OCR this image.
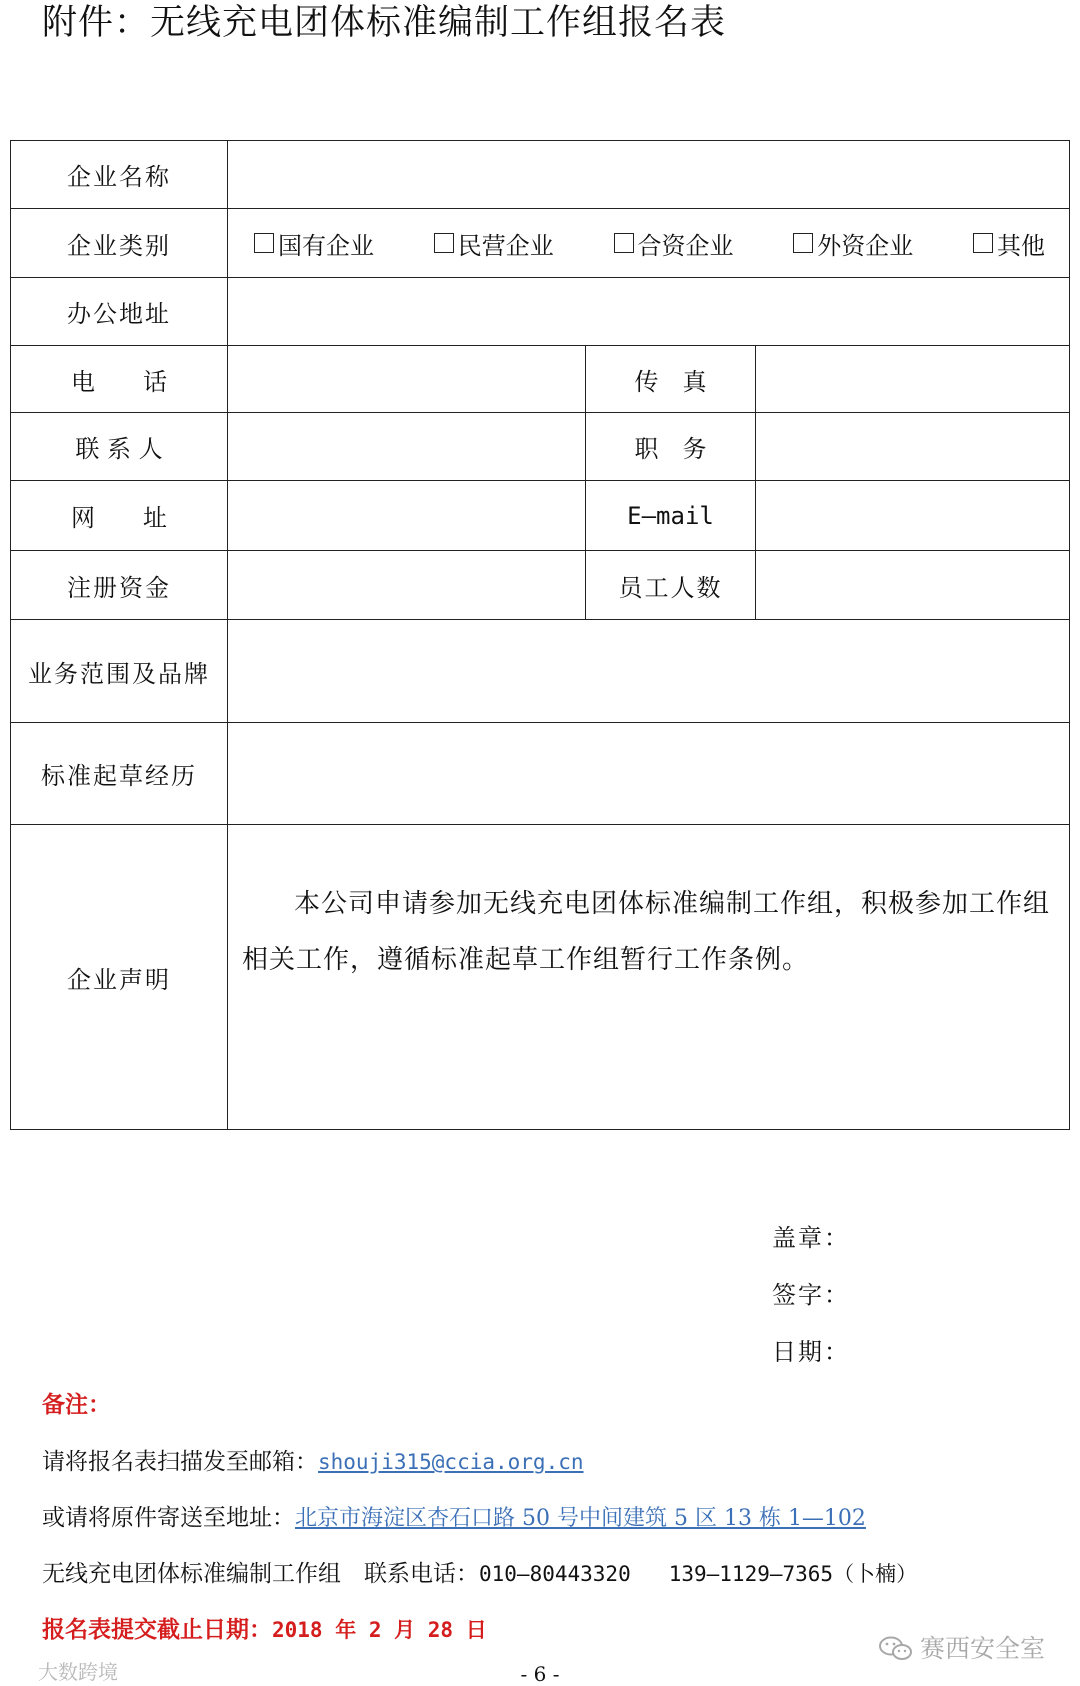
附件：无线充电团体标准编制工作组报名表
企业名称			
企业类别	国有企业 民营企业 合资企业 外资企业 其他		

办公地址			
电　　话		传　真	
联 系 人		职　务	
网　　址		E—mail	
注册资金		员工人数	
业务范围及品牌			
标准起草经历			
企业声明	本公司申请参加无线充电团体标准编制工作组，积极参加工作组相关工作，遵循标准起草工作组暂行工作条例。		
盖章：
签字：
日期：
备注：
请将报名表扫描发至邮箱：shouji315@ccia.org.cn
或请将原件寄送至地址：北京市海淀区杏石口路 50 号中间建筑 5 区 13 栋 1—102
无线充电团体标准编制工作组　联系电话：010—80443320 139—1129—7365（卜楠）
报名表提交截止日期：2018 年 2 月 28 日
- 6 -
大数跨境
赛西安全室
